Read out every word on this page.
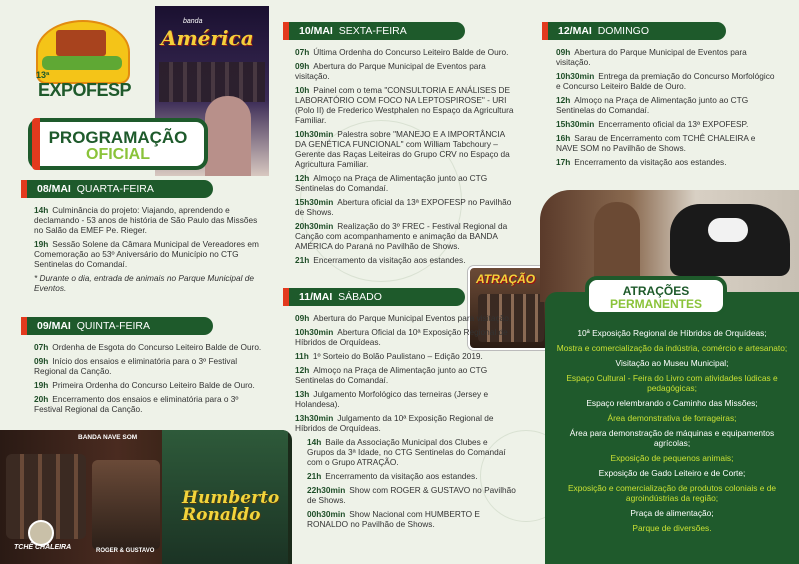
13ª
EXPOFESP
banda
América
PROGRAMAÇÃO
OFICIAL
08/MAI QUARTA-FEIRA
14h Culminância do projeto: Viajando, aprendendo e declamando - 53 anos de história de São Paulo das Missões no Salão da EMEF Pe. Rieger.
19h Sessão Solene da Câmara Municipal de Vereadores em Comemoração ao 53º Aniversário do Município no CTG Sentinelas do Comandaí.
* Durante o dia, entrada de animais no Parque Municipal de Eventos.
09/MAI QUINTA-FEIRA
07h Ordenha de Esgota do Concurso Leiteiro Balde de Ouro.
09h Início dos ensaios e eliminatória para o 3º Festival Regional da Canção.
19h Primeira Ordenha do Concurso Leiteiro Balde de Ouro.
20h Encerramento dos ensaios e eliminatória para o 3º Festival Regional da Canção.
BANDA NAVE SOM
TCHÊ CHALEIRA	ROGER & GUSTAVO
Humberto Ronaldo
10/MAI SEXTA-FEIRA
07h Última Ordenha do Concurso Leiteiro Balde de Ouro.
09h Abertura do Parque Municipal de Eventos para visitação.
10h Painel com o tema "CONSULTORIA E ANÁLISES DE LABORATÓRIO COM FOCO NA LEPTOSPIROSE" - URI (Polo II) de Frederico Westphalen no Espaço da Agricultura Familiar.
10h30min Palestra sobre "MANEJO E A IMPORTÂNCIA DA GENÉTICA FUNCIONAL" com William Tabchoury – Gerente das Raças Leiteiras do Grupo CRV no Espaço da Agricultura Familiar.
12h Almoço na Praça de Alimentação junto ao CTG Sentinelas do Comandaí.
15h30min Abertura oficial da 13ª EXPOFESP no Pavilhão de Shows.
20h30min Realização do 3º FREC - Festival Regional da Canção com acompanhamento e animação da BANDA AMÉRICA do Paraná no Pavilhão de Shows.
21h Encerramento da visitação aos estandes.
11/MAI SÁBADO
ATRAÇÃO
09h Abertura do Parque Municipal Eventos para visitação.
10h30min Abertura Oficial da 10ª Exposição Regional de Híbridos de Orquídeas.
11h 1º Sorteio do Bolão Paulistano – Edição 2019.
12h Almoço na Praça de Alimentação junto ao CTG Sentinelas do Comandaí.
13h Julgamento Morfológico das terneiras (Jersey e Holandesa).
13h30min Julgamento da 10ª Exposição Regional de Híbridos de Orquídeas.
14h Baile da Associação Municipal dos Clubes e Grupos da 3ª Idade, no CTG Sentinelas do Comandaí com o Grupo ATRAÇÃO.
21h Encerramento da visitação aos estandes.
22h30min Show com ROGER & GUSTAVO no Pavilhão de Shows.
00h30min Show Nacional com HUMBERTO E RONALDO no Pavilhão de Shows.
12/MAI DOMINGO
09h Abertura do Parque Municipal de Eventos para visitação.
10h30min Entrega da premiação do Concurso Morfológico e Concurso Leiteiro Balde de Ouro.
12h Almoço na Praça de Alimentação junto ao CTG Sentinelas do Comandaí.
15h30min Encerramento oficial da 13ª EXPOFESP.
16h Sarau de Encerramento com TCHÊ CHALEIRA e NAVE SOM no Pavilhão de Shows.
17h Encerramento da visitação aos estandes.
ATRAÇÕES
PERMANENTES
10ª Exposição Regional de Híbridos de Orquídeas;
Mostra e comercialização da indústria, comércio e artesanato;
Visitação ao Museu Municipal;
Espaço Cultural - Feira do Livro com atividades lúdicas e pedagógicas;
Espaço relembrando o Caminho das Missões;
Área demonstrativa de forrageiras;
Área para demonstração de máquinas e equipamentos agrícolas;
Exposição de pequenos animais;
Exposição de Gado Leiteiro e de Corte;
Exposição e comercialização de produtos coloniais e de agroindústrias da região;
Praça de alimentação;
Parque de diversões.
